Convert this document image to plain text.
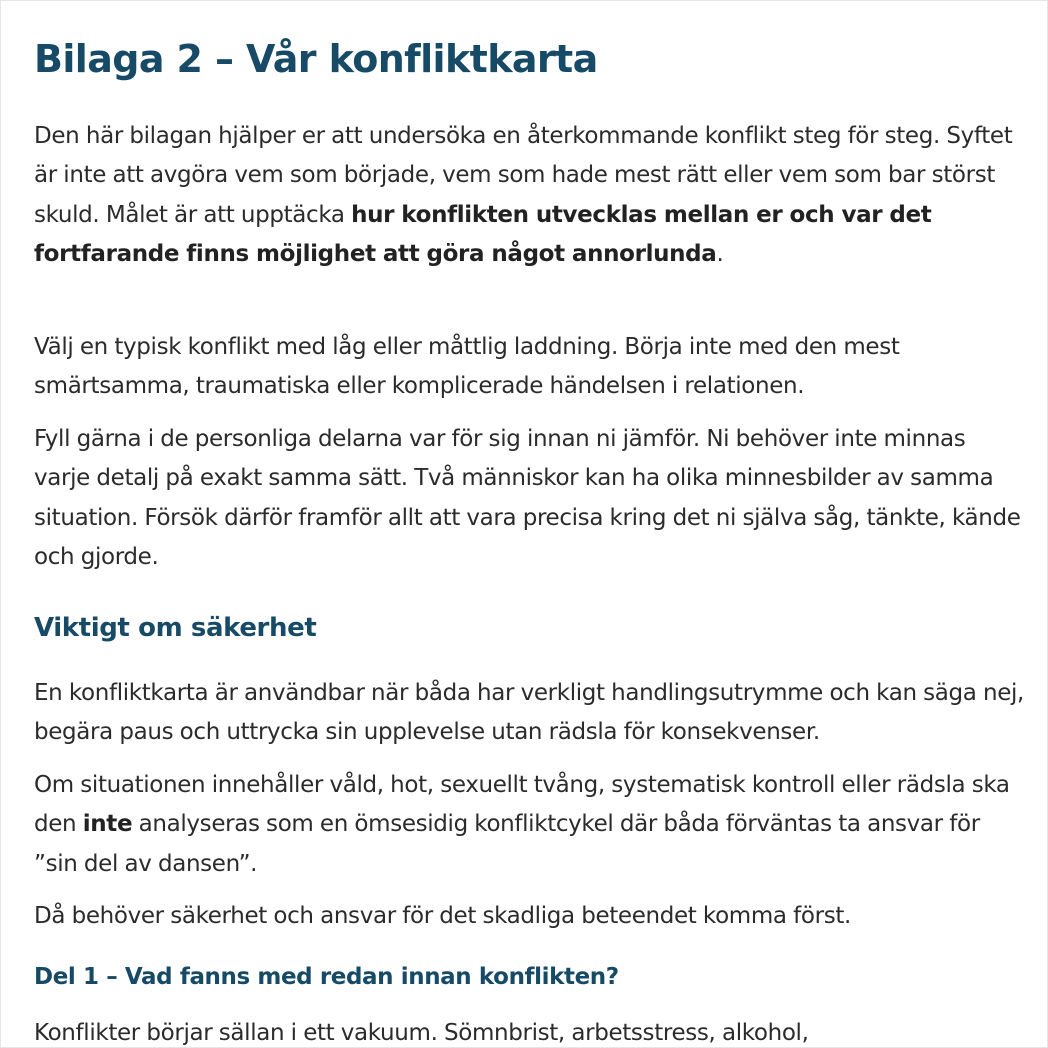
Bilaga 2 – Vår konfliktkarta

Den här bilagan hjälper er att undersöka en återkommande konflikt steg för steg. Syftet är inte att avgöra vem som började, vem som hade mest rätt eller vem som bar störst skuld. Målet är att upptäcka hur konflikten utvecklas mellan er och var det fortfarande finns möjlighet att göra något annorlunda.

Välj en typisk konflikt med låg eller måttlig laddning. Börja inte med den mest smärtsamma, traumatiska eller komplicerade händelsen i relationen.

Fyll gärna i de personliga delarna var för sig innan ni jämför. Ni behöver inte minnas varje detalj på exakt samma sätt. Två människor kan ha olika minnesbilder av samma situation. Försök därför framför allt att vara precisa kring det ni själva såg, tänkte, kände och gjorde.

Viktigt om säkerhet

En konfliktkarta är användbar när båda har verkligt handlingsutrymme och kan säga nej, begära paus och uttrycka sin upplevelse utan rädsla för konsekvenser.

Om situationen innehåller våld, hot, sexuellt tvång, systematisk kontroll eller rädsla ska den inte analyseras som en ömsesidig konfliktcykel där båda förväntas ta ansvar för ”sin del av dansen”.

Då behöver säkerhet och ansvar för det skadliga beteendet komma först.

Del 1 – Vad fanns med redan innan konflikten?

Konflikter börjar sällan i ett vakuum. Sömnbrist, arbetsstress, alkohol,
